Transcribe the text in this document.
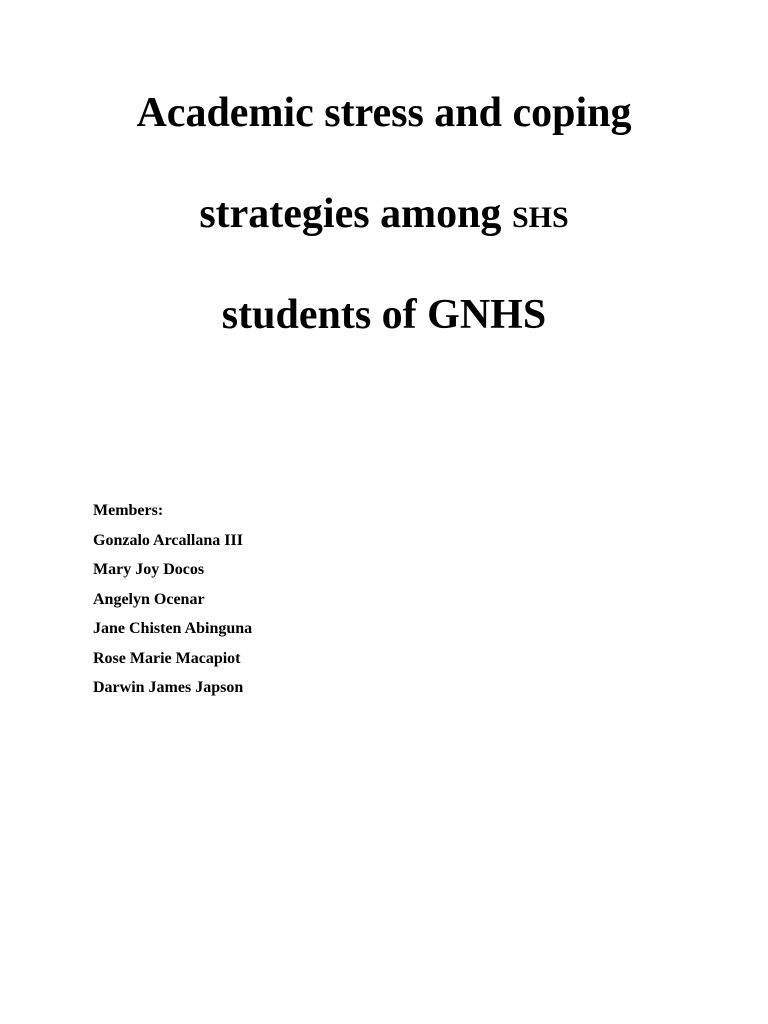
Academic stress and coping

strategies among SHS

students of GNHS

Members:

Gonzalo Arcallana III

Mary Joy Docos

Angelyn Ocenar

Jane Chisten Abinguna

Rose Marie Macapiot

Darwin James Japson
